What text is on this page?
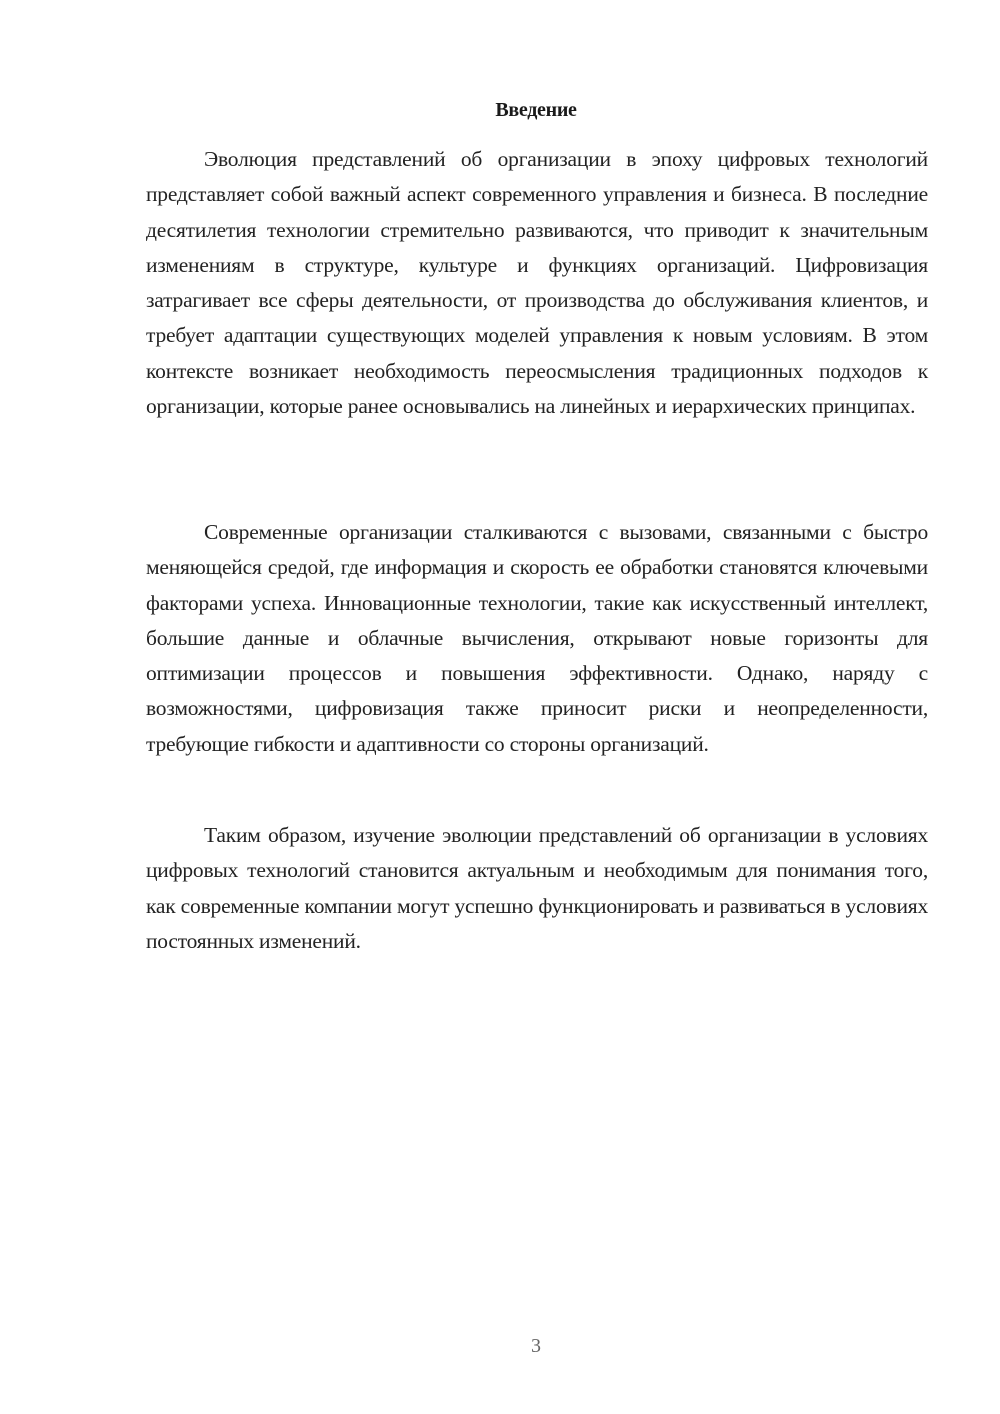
Введение

Эволюция представлений об организации в эпоху цифровых технологий представляет собой важный аспект современного управления и бизнеса. В последние десятилетия технологии стремительно развиваются, что приводит к значительным изменениям в структуре, культуре и функциях организаций. Цифровизация затрагивает все сферы деятельности, от производства до обслуживания клиентов, и требует адаптации существующих моделей управления к новым условиям. В этом контексте возникает необходимость переосмысления традиционных подходов к организации, которые ранее основывались на линейных и иерархических принципах.

Современные организации сталкиваются с вызовами, связанными с быстро меняющейся средой, где информация и скорость ее обработки становятся ключевыми факторами успеха. Инновационные технологии, такие как искусственный интеллект, большие данные и облачные вычисления, открывают новые горизонты для оптимизации процессов и повышения эффективности. Однако, наряду с возможностями, цифровизация также приносит риски и неопределенности, требующие гибкости и адаптивности со стороны организаций.

Таким образом, изучение эволюции представлений об организации в условиях цифровых технологий становится актуальным и необходимым для понимания того, как современные компании могут успешно функционировать и развиваться в условиях постоянных изменений.

3
